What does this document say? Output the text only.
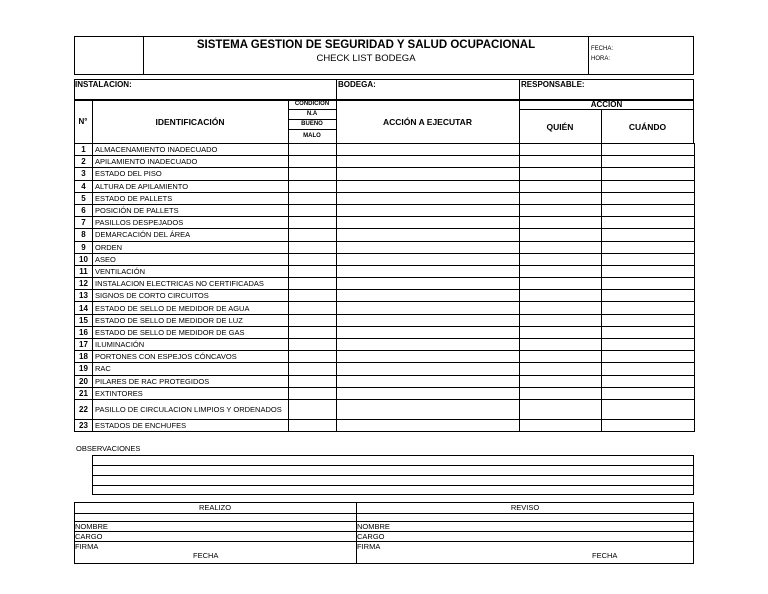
SISTEMA GESTION DE SEGURIDAD Y SALUD OCUPACIONAL
CHECK LIST BODEGA
FECHA:
HORA:
INSTALACION:	BODEGA:	RESPONSABLE:
N°	IDENTIFICACIÓN
CONDICION
N.A
BUENO
MALO
ACCIÓN A EJECUTAR
ACCION
QUIÉN	CUÁNDO
1	ALMACENAMIENTO INADECUADO				
2	APILAMIENTO INADECUADO				
3	ESTADO DEL PISO				
4	ALTURA DE APILAMIENTO				
5	ESTADO DE PALLETS				
6	POSICIÓN DE PALLETS				
7	PASILLOS DESPEJADOS				
8	DEMARCACIÓN DEL ÁREA				
9	ORDEN				
10	ASEO				
11	VENTILACIÓN				
12	INSTALACION ELECTRICAS NO CERTIFICADAS				
13	SIGNOS DE CORTO CIRCUITOS				
14	ESTADO DE SELLO DE MEDIDOR DE AGUA				
15	ESTADO DE SELLO DE MEDIDOR DE LUZ				
16	ESTADO DE SELLO DE MEDIDOR DE GAS				
17	ILUMINACIÓN				
18	PORTONES CON ESPEJOS CÓNCAVOS				
19	RAC				
20	PILARES DE RAC PROTEGIDOS				
21	EXTINTORES				
22	PASILLO DE CIRCULACION LIMPIOS Y ORDENADOS				
23	ESTADOS DE ENCHUFES				
OBSERVACIONES
REALIZO	REVISO
NOMBRE
CARGO
FIRMA
FECHA
NOMBRE
CARGO
FIRMA
FECHA
